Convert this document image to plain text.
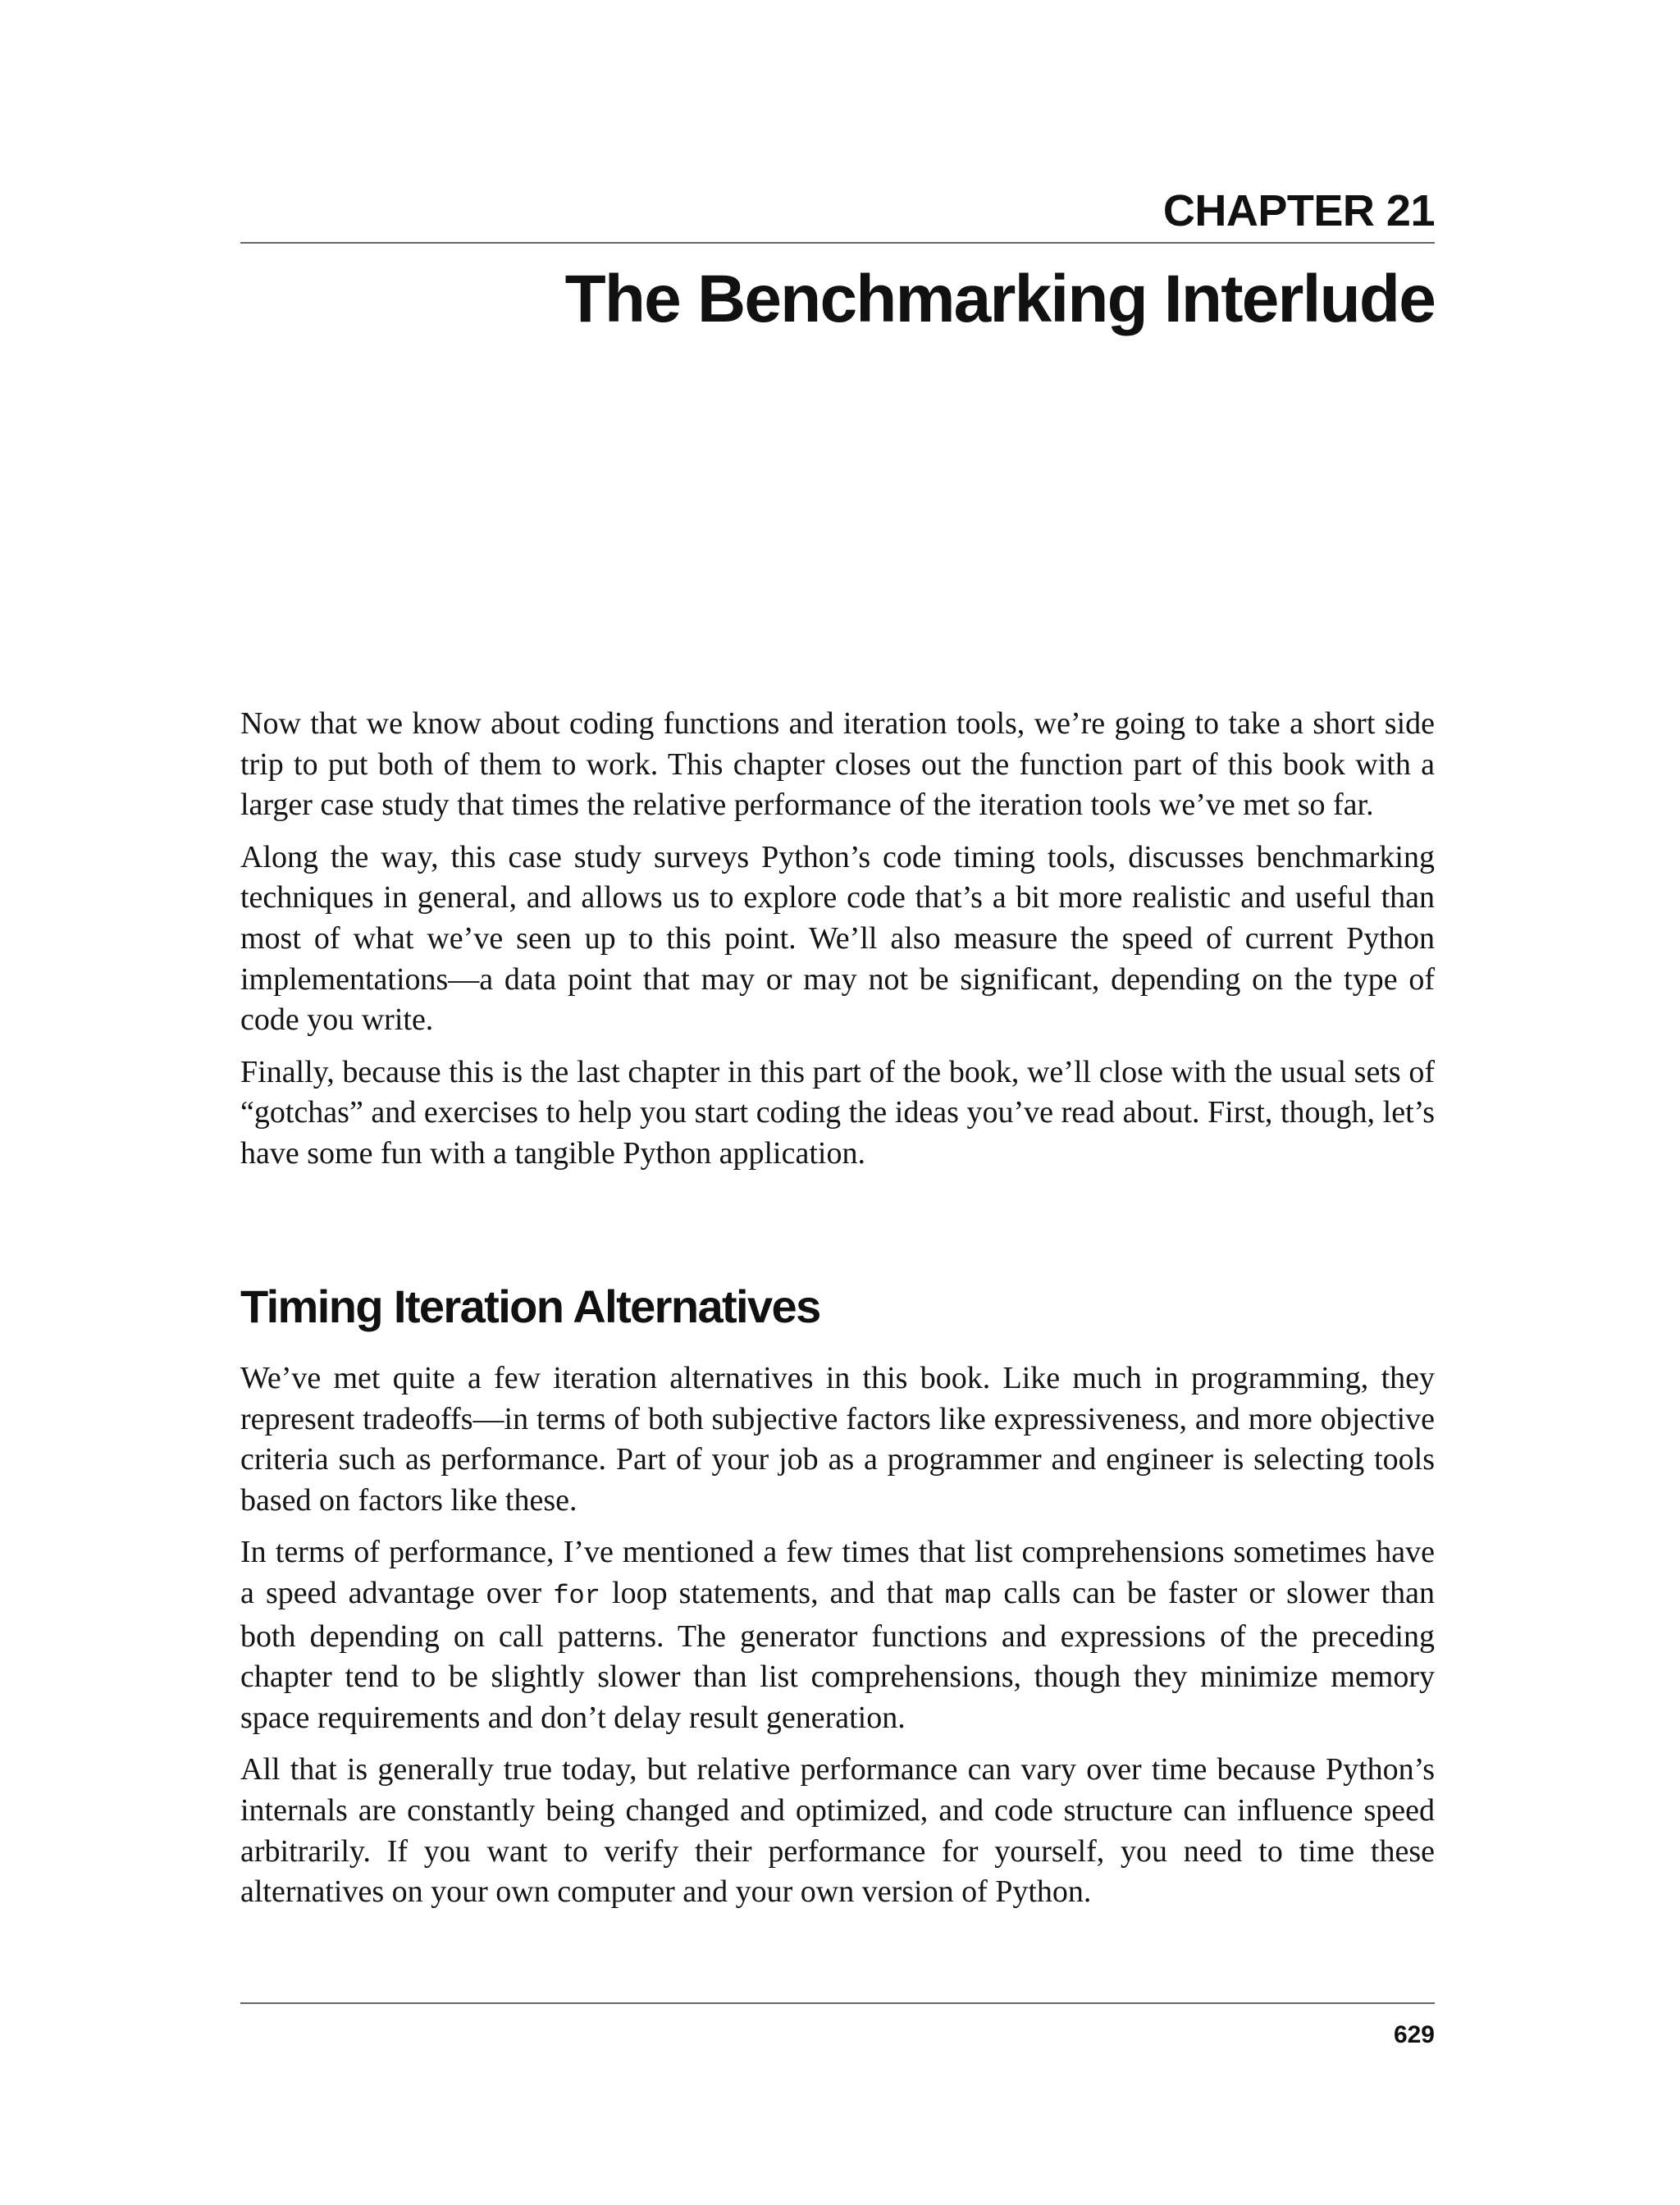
CHAPTER 21
The Benchmarking Interlude

Now that we know about coding functions and iteration tools, we’re going to take a short side trip to put both of them to work. This chapter closes out the function part of this book with a larger case study that times the relative performance of the iteration tools we’ve met so far.

Along the way, this case study surveys Python’s code timing tools, discusses benchmarking techniques in general, and allows us to explore code that’s a bit more realistic and useful than most of what we’ve seen up to this point. We’ll also measure the speed of current Python implementations—a data point that may or may not be significant, depending on the type of code you write.

Finally, because this is the last chapter in this part of the book, we’ll close with the usual sets of “gotchas” and exercises to help you start coding the ideas you’ve read about. First, though, let’s have some fun with a tangible Python application.

Timing Iteration Alternatives

We’ve met quite a few iteration alternatives in this book. Like much in programming, they represent tradeoffs—in terms of both subjective factors like expressiveness, and more objective criteria such as performance. Part of your job as a programmer and engineer is selecting tools based on factors like these.

In terms of performance, I’ve mentioned a few times that list comprehensions sometimes have a speed advantage over for loop statements, and that map calls can be faster or slower than both depending on call patterns. The generator functions and expressions of the preceding chapter tend to be slightly slower than list comprehensions, though they minimize memory space requirements and don’t delay result generation.

All that is generally true today, but relative performance can vary over time because Python’s internals are constantly being changed and optimized, and code structure can influence speed arbitrarily. If you want to verify their performance for yourself, you need to time these alternatives on your own computer and your own version of Python.

629
